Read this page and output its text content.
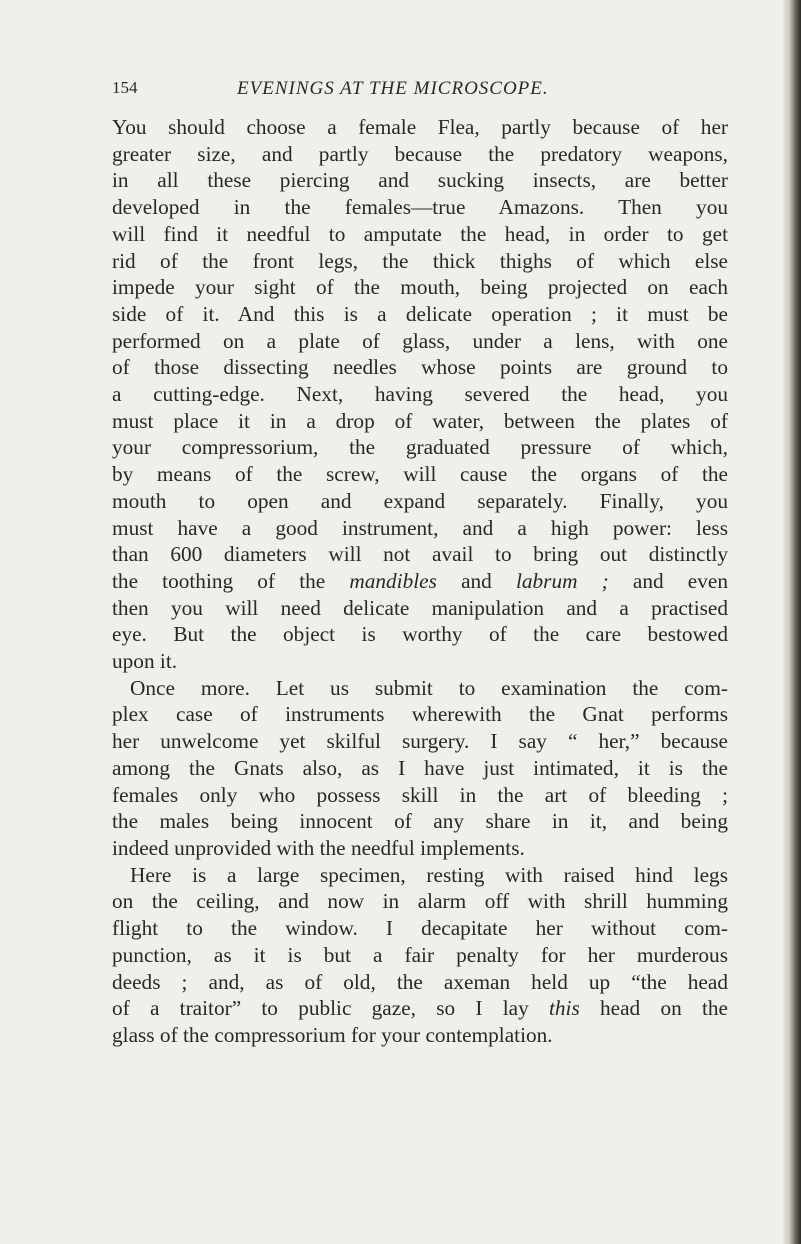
154	EVENINGS AT THE MICROSCOPE.
You should choose a female Flea, partly because of her
greater size, and partly because the predatory weapons,
in all these piercing and sucking insects, are better
developed in the females—true Amazons. Then you
will find it needful to amputate the head, in order to get
rid of the front legs, the thick thighs of which else
impede your sight of the mouth, being projected on each
side of it. And this is a delicate operation ; it must be
performed on a plate of glass, under a lens, with one
of those dissecting needles whose points are ground to
a cutting-edge. Next, having severed the head, you
must place it in a drop of water, between the plates of
your compressorium, the graduated pressure of which,
by means of the screw, will cause the organs of the
mouth to open and expand separately. Finally, you
must have a good instrument, and a high power: less
than 600 diameters will not avail to bring out distinctly
the toothing of the mandibles and labrum ; and even
then you will need delicate manipulation and a practised
eye. But the object is worthy of the care bestowed
upon it.
Once more. Let us submit to examination the com-
plex case of instruments wherewith the Gnat performs
her unwelcome yet skilful surgery. I say “ her,” because
among the Gnats also, as I have just intimated, it is the
females only who possess skill in the art of bleeding ;
the males being innocent of any share in it, and being
indeed unprovided with the needful implements.
Here is a large specimen, resting with raised hind legs
on the ceiling, and now in alarm off with shrill humming
flight to the window. I decapitate her without com-
punction, as it is but a fair penalty for her murderous
deeds ; and, as of old, the axeman held up “the head
of a traitor” to public gaze, so I lay this head on the
glass of the compressorium for your contemplation.
